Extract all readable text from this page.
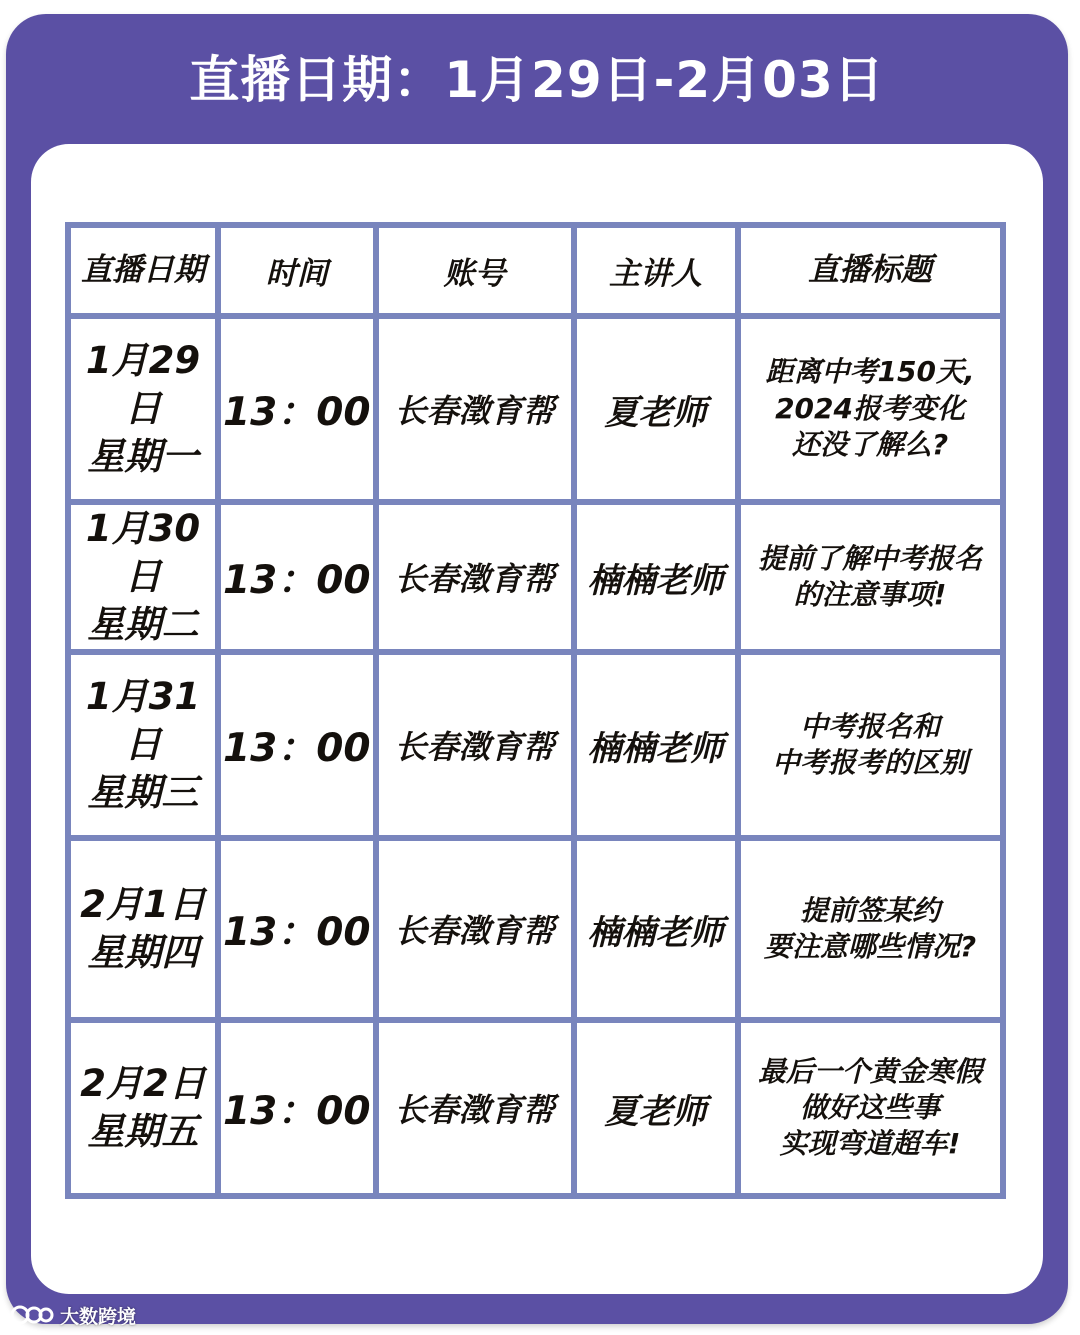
直播日期：1月29日-2月03日
直播日期	时间	账号	主讲人	直播标题

1月29日
星期一	13：00	长春澂育帮	夏老师	距离中考150天,
2024报考变化
还没了解么?

1月30日
星期二	13：00	长春澂育帮	楠楠老师	提前了解中考报名
的注意事项!

1月31日
星期三	13：00	长春澂育帮	楠楠老师	中考报名和
中考报考的区别

2月1日
星期四	13：00	长春澂育帮	楠楠老师	提前签某约
要注意哪些情况?

2月2日
星期五	13：00	长春澂育帮	夏老师	最后一个黄金寒假
做好这些事
实现弯道超车!
大数跨境
